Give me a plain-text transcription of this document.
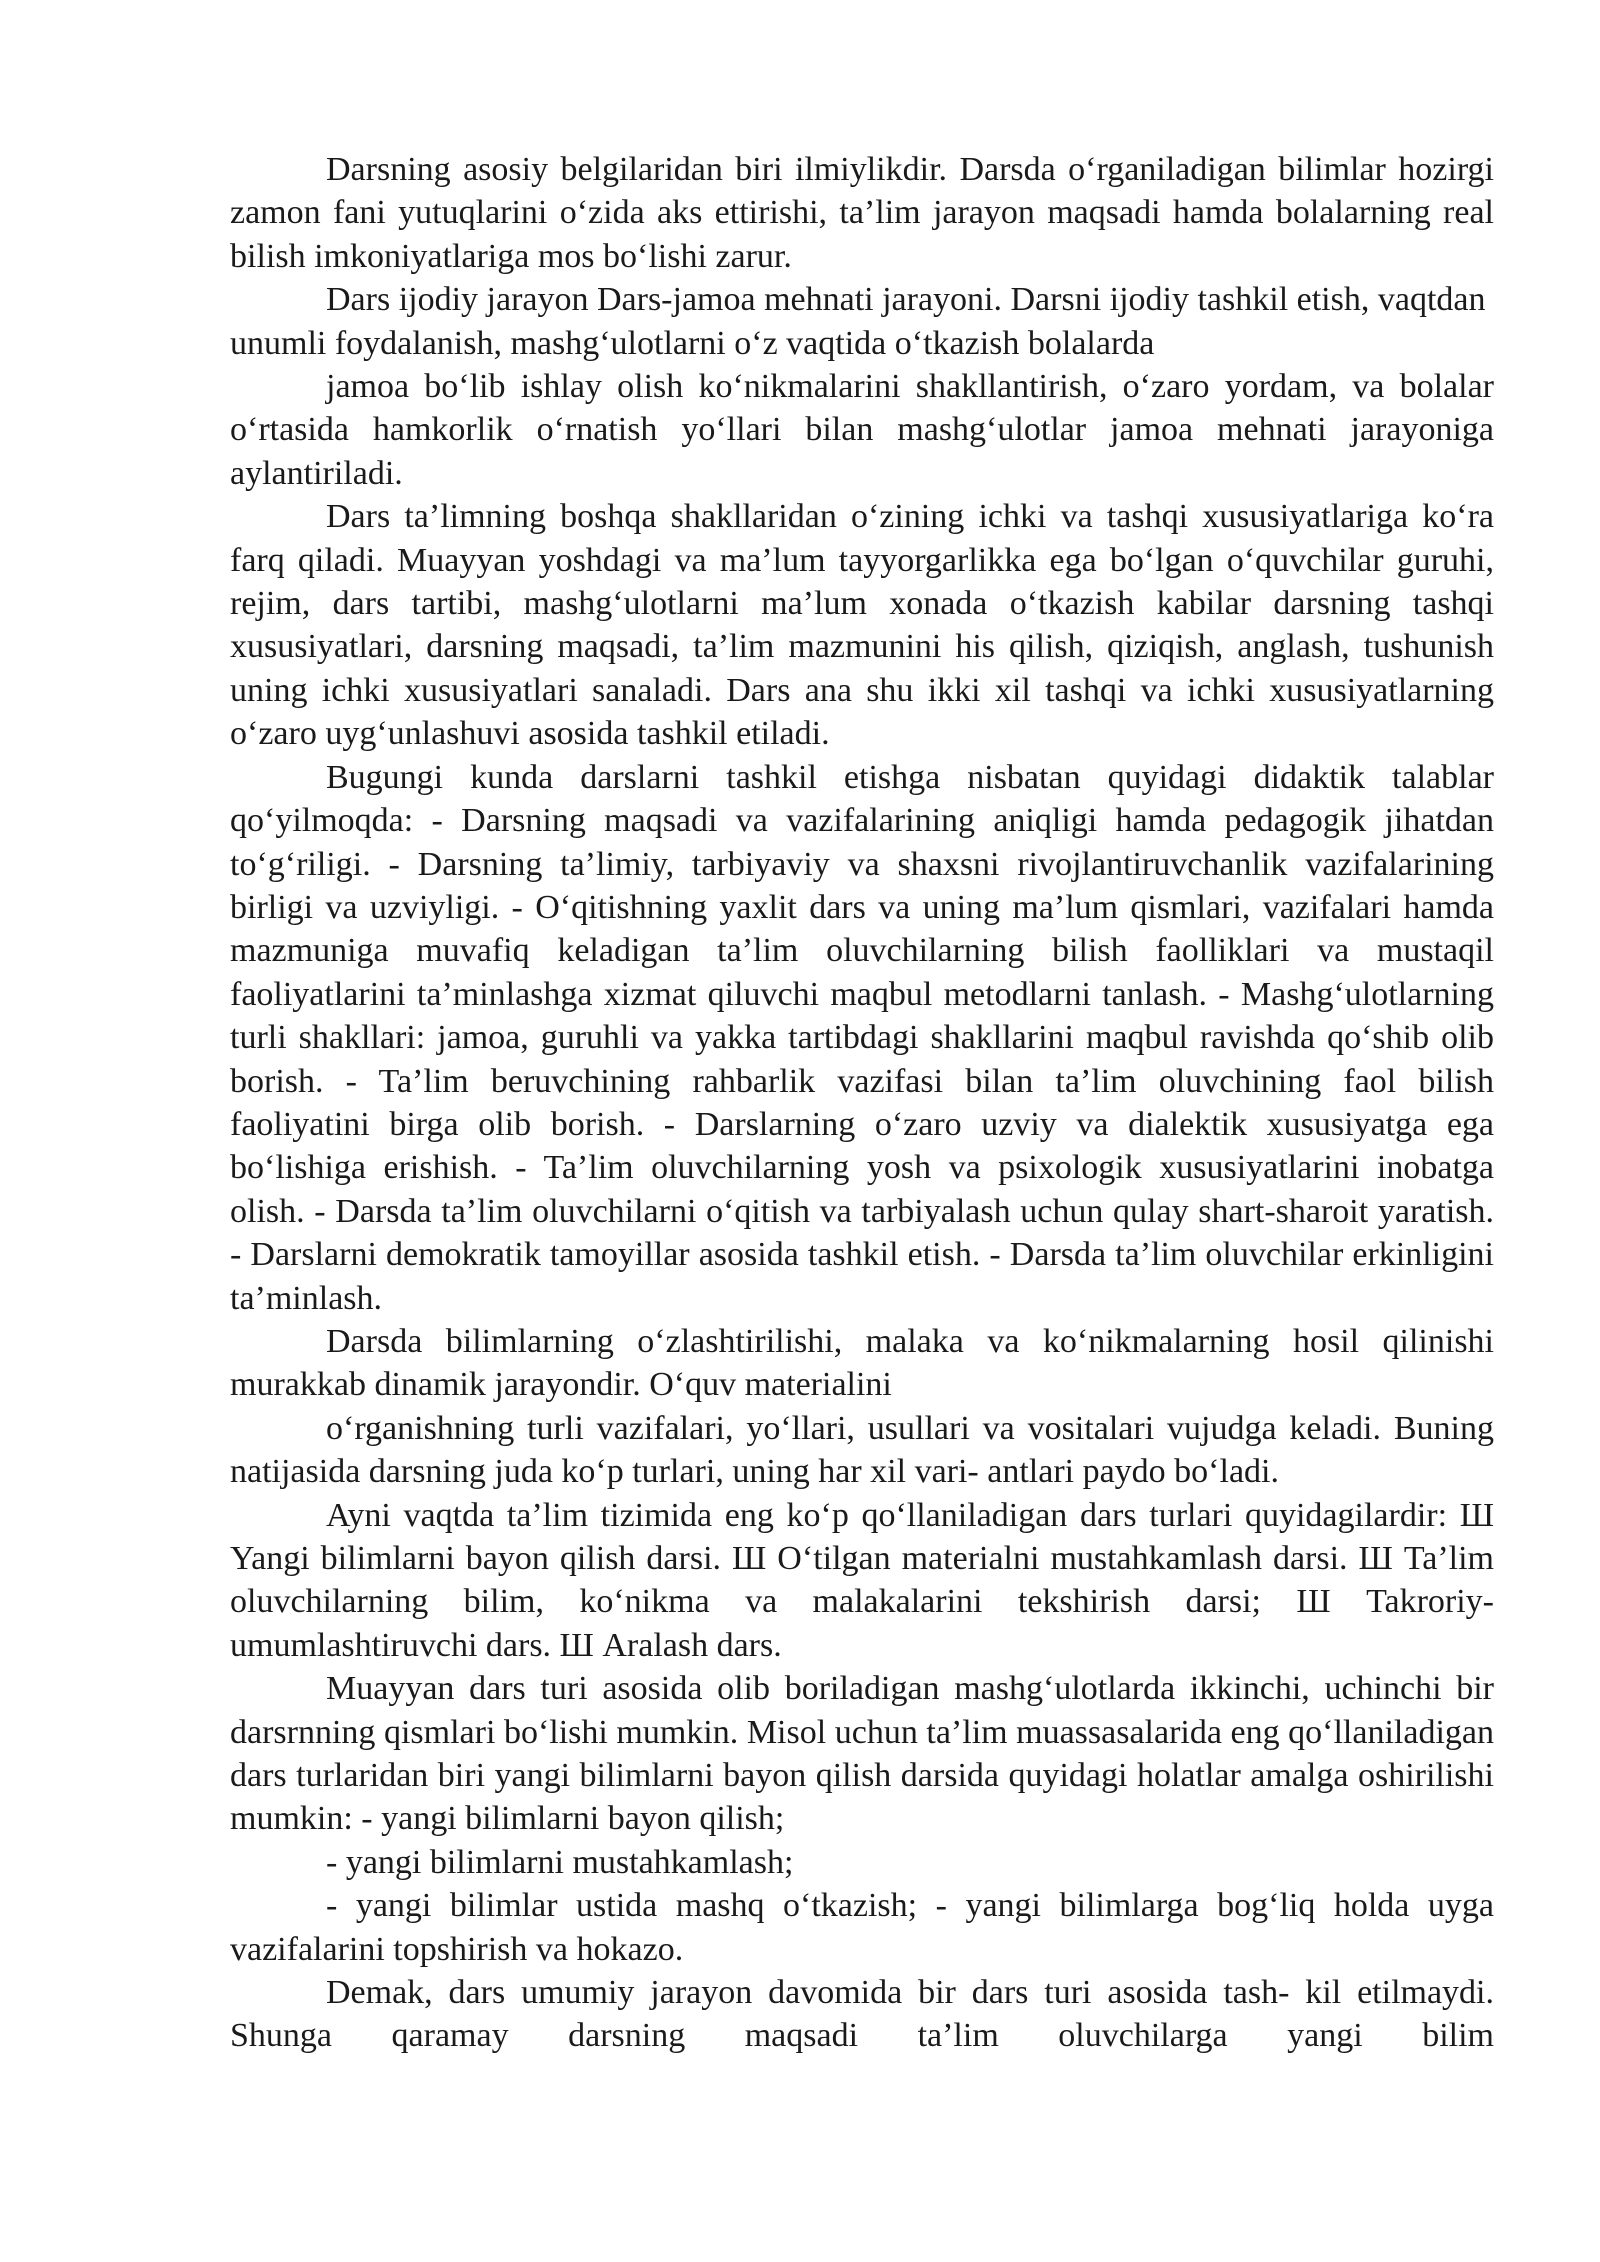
Darsning asosiy belgilaridan biri ilmiylikdir. Darsda o‘rganiladigan bilimlar hozirgi zamon fani yutuqlarini o‘zida aks ettirishi, ta’lim jarayon maqsadi hamda bolalarning real bilish imkoniyatlariga mos bo‘lishi zarur.

Dars ijodiy jarayon Dars-jamoa mehnati jarayoni. Darsni ijodiy tashkil etish, vaqtdan unumli foydalanish, mashg‘ulotlarni o‘z vaqtida o‘tkazish bolalarda

jamoa bo‘lib ishlay olish ko‘nikmalarini shakllantirish, o‘zaro yordam, va bolalar o‘rtasida hamkorlik o‘rnatish yo‘llari bilan mashg‘ulotlar jamoa mehnati jarayoniga aylantiriladi.

Dars ta’limning boshqa shakllaridan o‘zining ichki va tashqi xususiyatlariga ko‘ra farq qiladi. Muayyan yoshdagi va ma’lum tayyorgarlikka ega bo‘lgan o‘quvchilar guruhi, rejim, dars tartibi, mashg‘ulotlarni ma’lum xonada o‘tkazish kabilar darsning tashqi xususiyatlari, darsning maqsadi, ta’lim mazmunini his qilish, qiziqish, anglash, tushunish uning ichki xususiyatlari sanaladi. Dars ana shu ikki xil tashqi va ichki xususiyatlarning o‘zaro uyg‘unlashuvi asosida tashkil etiladi.

Bugungi kunda darslarni tashkil etishga nisbatan quyidagi didaktik talablar qo‘yilmoqda: - Darsning maqsadi va vazifalarining aniqligi hamda pedagogik jihatdan to‘g‘riligi. - Darsning ta’limiy, tarbiyaviy va shaxsni rivojlantiruvchanlik vazifalarining birligi va uzviyligi. - O‘qitishning yaxlit dars va uning ma’lum qismlari, vazifalari hamda mazmuniga muvafiq keladigan ta’lim oluvchilarning bilish faolliklari va mustaqil faoliyatlarini ta’minlashga xizmat qiluvchi maqbul metodlarni tanlash. - Mashg‘ulotlarning turli shakllari: jamoa, guruhli va yakka tartibdagi shakllarini maqbul ravishda qo‘shib olib borish. - Ta’lim beruvchining rahbarlik vazifasi bilan ta’lim oluvchining faol bilish faoliyatini birga olib borish. - Darslarning o‘zaro uzviy va dialektik xususiyatga ega bo‘lishiga erishish. - Ta’lim oluvchilarning yosh va psixologik xususiyatlarini inobatga olish. - Darsda ta’lim oluvchilarni o‘qitish va tarbiyalash uchun qulay shart-sharoit yaratish. - Darslarni demokratik tamoyillar asosida tashkil etish. - Darsda ta’lim oluvchilar erkinligini ta’minlash.

Darsda bilimlarning o‘zlashtirilishi, malaka va ko‘nikmalarning hosil qilinishi murakkab dinamik jarayondir. O‘quv materialini

o‘rganishning turli vazifalari, yo‘llari, usullari va vositalari vujudga keladi. Buning natijasida darsning juda ko‘p turlari, uning har xil vari- antlari paydo bo‘ladi.

Ayni vaqtda ta’lim tizimida eng ko‘p qo‘llaniladigan dars turlari quyidagilardir: Ш Yangi bilimlarni bayon qilish darsi. Ш O‘tilgan materialni mustahkamlash darsi. Ш Ta’lim oluvchilarning bilim, ko‘nikma va malakalarini tekshirish darsi; Ш Takroriy-umumlashtiruvchi dars. Ш Aralash dars.

Muayyan dars turi asosida olib boriladigan mashg‘ulotlarda ikkinchi, uchinchi bir darsrnning qismlari bo‘lishi mumkin. Misol uchun ta’lim muassasalarida eng qo‘llaniladigan dars turlaridan biri yangi bilimlarni bayon qilish darsida quyidagi holatlar amalga oshirilishi mumkin: - yangi bilimlarni bayon qilish;

- yangi bilimlarni mustahkamlash;

- yangi bilimlar ustida mashq o‘tkazish; - yangi bilimlarga bog‘liq holda uyga vazifalarini topshirish va hokazo.

Demak, dars umumiy jarayon davomida bir dars turi asosida tash- kil etilmaydi. Shunga qaramay darsning maqsadi ta’lim oluvchilarga yangi bilim
